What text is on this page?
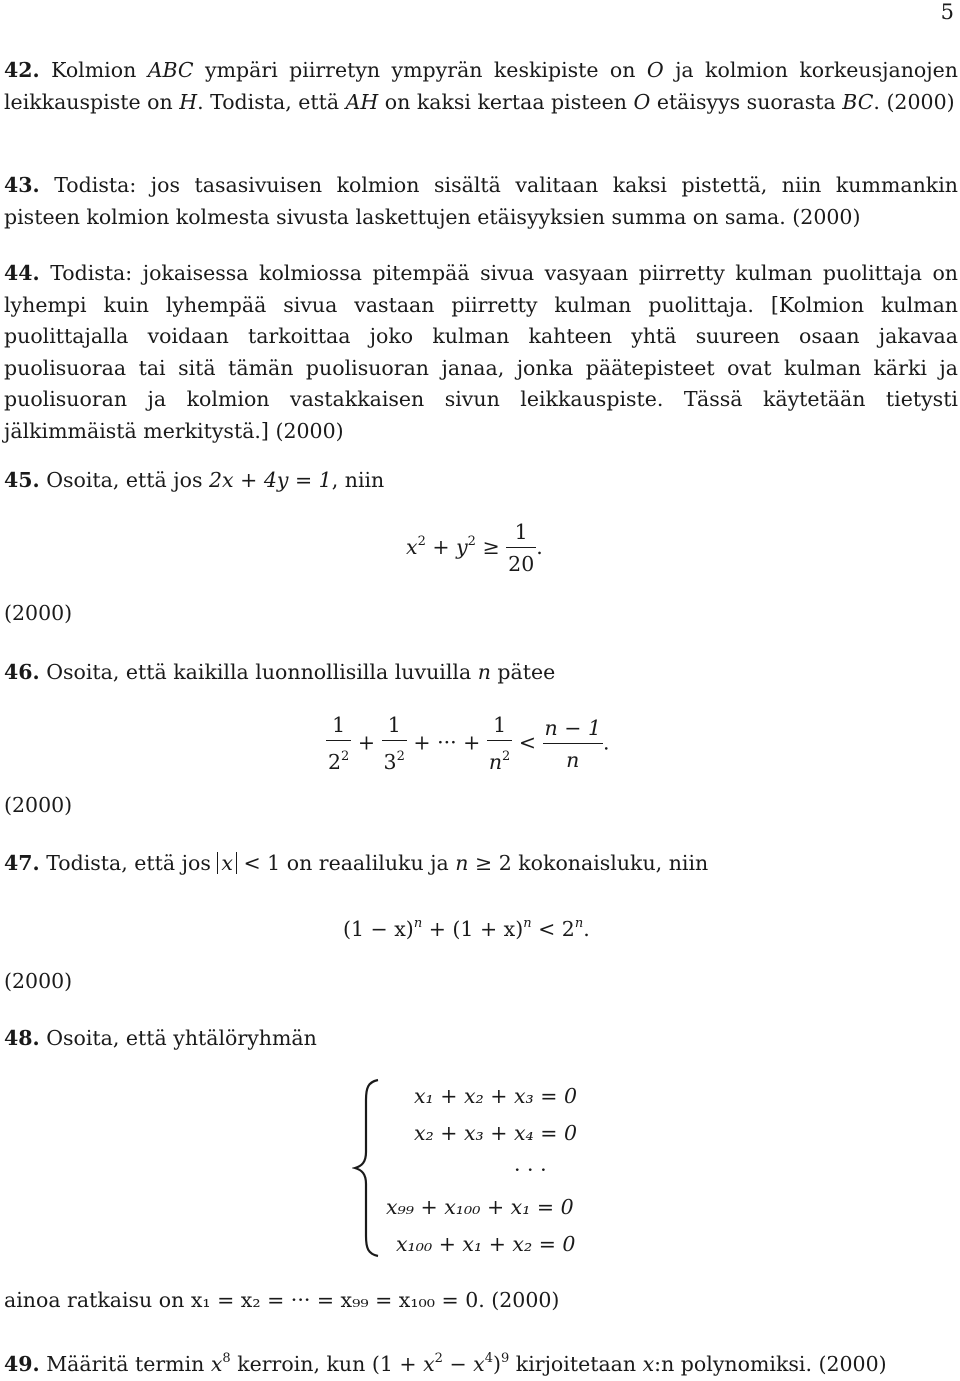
5
42. Kolmion ABC ympäri piirretyn ympyrän keskipiste on O ja kolmion korkeusjanojen leikkauspiste on H. Todista, että AH on kaksi kertaa pisteen O etäisyys suorasta BC. (2000)
43. Todista: jos tasasivuisen kolmion sisältä valitaan kaksi pistettä, niin kummankin pisteen kolmion kolmesta sivusta laskettujen etäisyyksien summa on sama. (2000)
44. Todista: jokaisessa kolmiossa pitempää sivua vasyaan piirretty kulman puolittaja on lyhempi kuin lyhempää sivua vastaan piirretty kulman puolittaja. [Kolmion kulman puolittajalla voidaan tarkoittaa joko kulman kahteen yhtä suureen osaan jakavaa puolisuoraa tai sitä tämän puolisuoran janaa, jonka päätepisteet ovat kulman kärki ja puolisuoran ja kolmion vastakkaisen sivun leikkauspiste. Tässä käytetään tietysti jälkimmäistä merkitystä.] (2000)
45. Osoita, että jos 2x + 4y = 1, niin
$x^2 + y^2 \ge \frac{1}{20}$ .
(2000)
46. Osoita, että kaikilla luonnollisilla luvuilla n pätee
$\frac{1}{2^2} + \frac{1}{3^2}$ + ··· + $\frac{1}{n^2} < \frac{n - 1}{n}$ .
(2000)
47. Todista, että jos x < 1 on reaaliluku ja n ≥ 2 kokonaisluku, niin
$(1 - x)^n + (1 + x)^n < 2^n$.
(2000)
48. Osoita, että yhtälöryhmän
x₁ + x₂ + x₃ = 0
x₂ + x₃ + x₄ = 0
· · ·
x₉₉ + x₁₀₀ + x₁ = 0
x₁₀₀ + x₁ + x₂ = 0
ainoa ratkaisu on x₁ = x₂ = ··· = x₉₉ = x₁₀₀ = 0. (2000)
49. Määritä termin $x^8$ kerroin, kun $(1 + x^2 - x^4)^9$ kirjoitetaan x:n polynomiksi. (2000)
